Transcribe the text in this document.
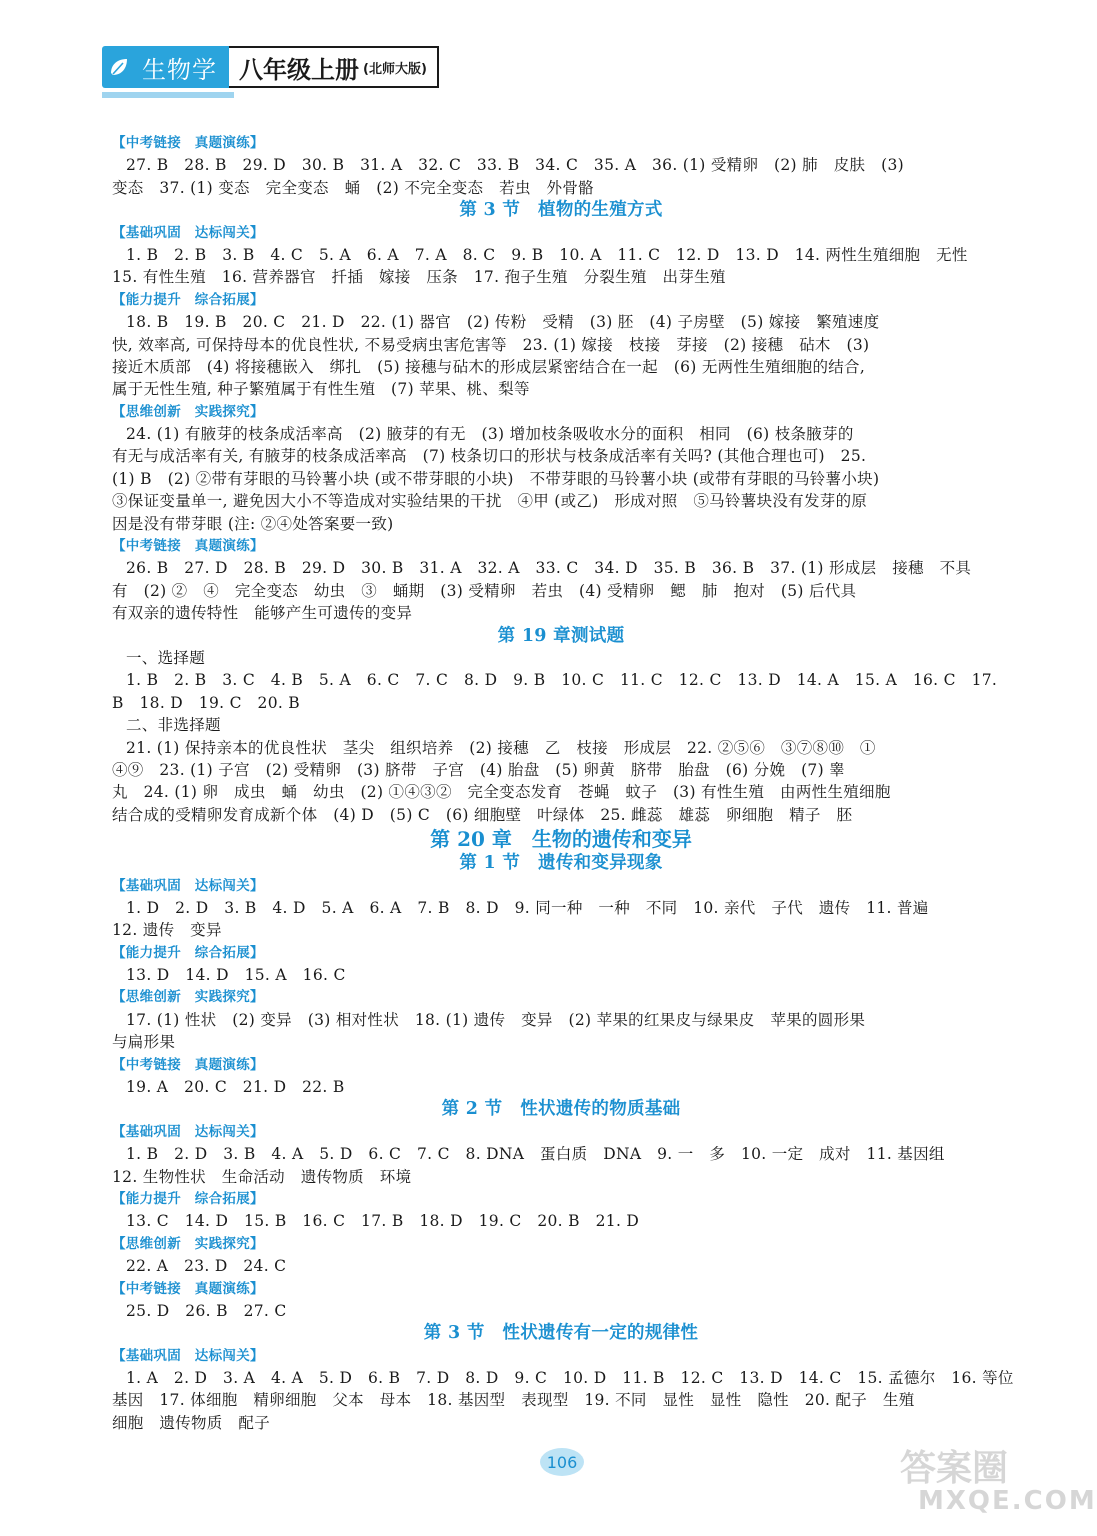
生物学 八年级上册 (北师大版)
【中考链接　真题演练】
27. B　28. B　29. D　30. B　31. A　32. C　33. B　34. C　35. A　36. (1) 受精卵　(2) 肺　皮肤　(3)
变态　37. (1) 变态　完全变态　蛹　(2) 不完全变态　若虫　外骨骼
第 3 节　植物的生殖方式
【基础巩固　达标闯关】
1. B　2. B　3. B　4. C　5. A　6. A　7. A　8. C　9. B　10. A　11. C　12. D　13. D　14. 两性生殖细胞　无性
15. 有性生殖　16. 营养器官　扦插　嫁接　压条　17. 孢子生殖　分裂生殖　出芽生殖
【能力提升　综合拓展】
18. B　19. B　20. C　21. D　22. (1) 器官　(2) 传粉　受精　(3) 胚　(4) 子房壁　(5) 嫁接　繁殖速度
快, 效率高, 可保持母本的优良性状, 不易受病虫害危害等　23. (1) 嫁接　枝接　芽接　(2) 接穗　砧木　(3)
接近木质部　(4) 将接穗嵌入　绑扎　(5) 接穗与砧木的形成层紧密结合在一起　(6) 无两性生殖细胞的结合,
属于无性生殖, 种子繁殖属于有性生殖　(7) 苹果、桃、梨等
【思维创新　实践探究】
24. (1) 有腋芽的枝条成活率高　(2) 腋芽的有无　(3) 增加枝条吸收水分的面积　相同　(6) 枝条腋芽的
有无与成活率有关, 有腋芽的枝条成活率高　(7) 枝条切口的形状与枝条成活率有关吗? (其他合理也可)　25.
(1) B　(2) ②带有芽眼的马铃薯小块 (或不带芽眼的小块)　不带芽眼的马铃薯小块 (或带有芽眼的马铃薯小块)
③保证变量单一, 避免因大小不等造成对实验结果的干扰　④甲 (或乙)　形成对照　⑤马铃薯块没有发芽的原
因是没有带芽眼 (注: ②④处答案要一致)
【中考链接　真题演练】
26. B　27. D　28. B　29. D　30. B　31. A　32. A　33. C　34. D　35. B　36. B　37. (1) 形成层　接穗　不具
有　(2) ②　④　完全变态　幼虫　③　蛹期　(3) 受精卵　若虫　(4) 受精卵　鳃　肺　抱对　(5) 后代具
有双亲的遗传特性　能够产生可遗传的变异
第 19 章测试题
一、选择题
1. B　2. B　3. C　4. B　5. A　6. C　7. C　8. D　9. B　10. C　11. C　12. C　13. D　14. A　15. A　16. C　17.
B　18. D　19. C　20. B
二、非选择题
21. (1) 保持亲本的优良性状　茎尖　组织培养　(2) 接穗　乙　枝接　形成层　22. ②⑤⑥　③⑦⑧⑩　①
④⑨　23. (1) 子宫　(2) 受精卵　(3) 脐带　子宫　(4) 胎盘　(5) 卵黄　脐带　胎盘　(6) 分娩　(7) 睾
丸　24. (1) 卵　成虫　蛹　幼虫　(2) ①④③②　完全变态发育　苍蝇　蚊子　(3) 有性生殖　由两性生殖细胞
结合成的受精卵发育成新个体　(4) D　(5) C　(6) 细胞壁　叶绿体　25. 雌蕊　雄蕊　卵细胞　精子　胚
第 20 章　生物的遗传和变异
第 1 节　遗传和变异现象
【基础巩固　达标闯关】
1. D　2. D　3. B　4. D　5. A　6. A　7. B　8. D　9. 同一种　一种　不同　10. 亲代　子代　遗传　11. 普遍
12. 遗传　变异
【能力提升　综合拓展】
13. D　14. D　15. A　16. C
【思维创新　实践探究】
17. (1) 性状　(2) 变异　(3) 相对性状　18. (1) 遗传　变异　(2) 苹果的红果皮与绿果皮　苹果的圆形果
与扁形果
【中考链接　真题演练】
19. A　20. C　21. D　22. B
第 2 节　性状遗传的物质基础
【基础巩固　达标闯关】
1. B　2. D　3. B　4. A　5. D　6. C　7. C　8. DNA　蛋白质　DNA　9. 一　多　10. 一定　成对　11. 基因组
12. 生物性状　生命活动　遗传物质　环境
【能力提升　综合拓展】
13. C　14. D　15. B　16. C　17. B　18. D　19. C　20. B　21. D
【思维创新　实践探究】
22. A　23. D　24. C
【中考链接　真题演练】
25. D　26. B　27. C
第 3 节　性状遗传有一定的规律性
【基础巩固　达标闯关】
1. A　2. D　3. A　4. A　5. D　6. B　7. D　8. D　9. C　10. D　11. B　12. C　13. D　14. C　15. 孟德尔　16. 等位
基因　17. 体细胞　精卵细胞　父本　母本　18. 基因型　表现型　19. 不同　显性　显性　隐性　20. 配子　生殖
细胞　遗传物质　配子
106	答案圈
MXQE.COM
